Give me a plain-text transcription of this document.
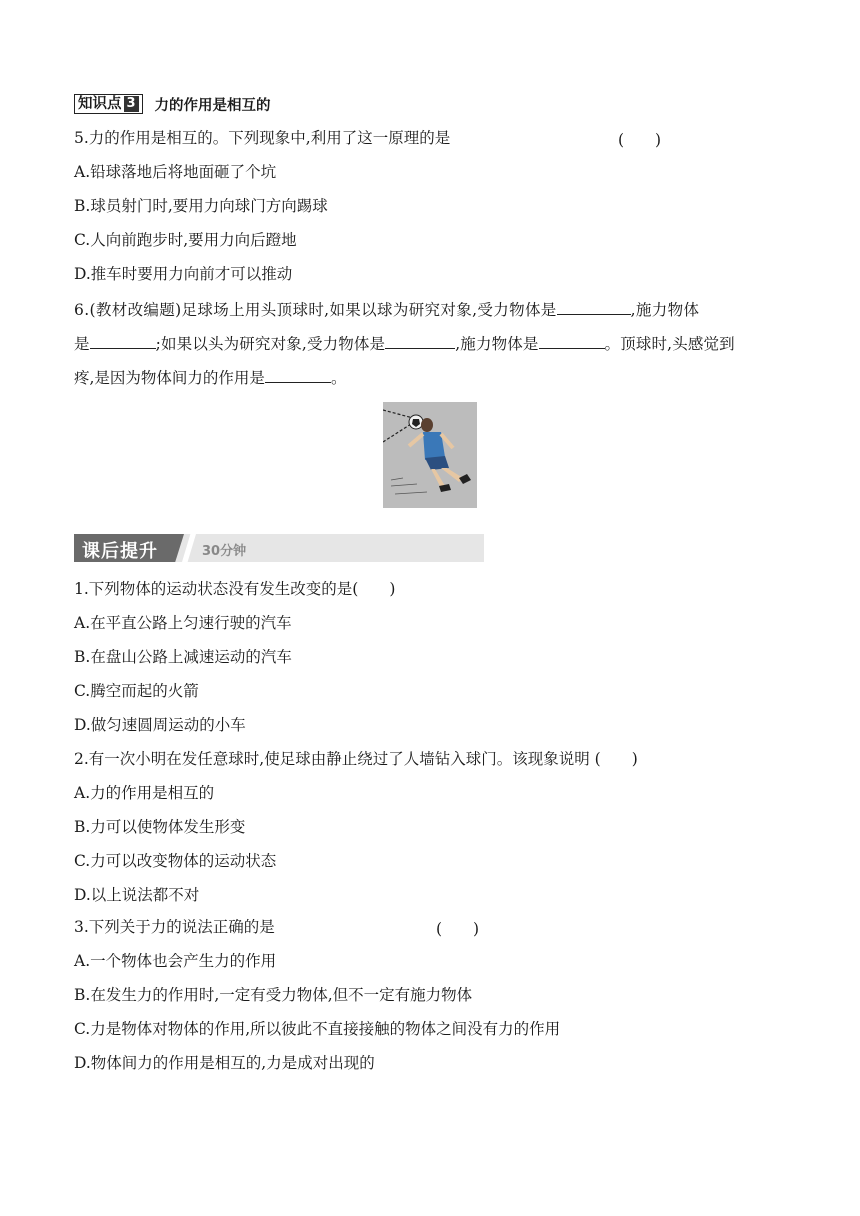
知识点 3 力的作用是相互的
5.力的作用是相互的。下列现象中,利用了这一原理的是	(　　)
A.铅球落地后将地面砸了个坑
B.球员射门时,要用力向球门方向踢球
C.人向前跑步时,要用力向后蹬地
D.推车时要用力向前才可以推动
6.(教材改编题)足球场上用头顶球时,如果以球为研究对象,受力物体是	,施力物体
是	;如果以头为研究对象,受力物体是	,施力物体是	。顶球时,头感觉到
疼,是因为物体间力的作用是	。
课后提升	30分钟
1.下列物体的运动状态没有发生改变的是(　　)
A.在平直公路上匀速行驶的汽车
B.在盘山公路上减速运动的汽车
C.腾空而起的火箭
D.做匀速圆周运动的小车
2.有一次小明在发任意球时,使足球由静止绕过了人墙钻入球门。该现象说明 (　　)
A.力的作用是相互的
B.力可以使物体发生形变
C.力可以改变物体的运动状态
D.以上说法都不对
3.下列关于力的说法正确的是	(　　)
A.一个物体也会产生力的作用
B.在发生力的作用时,一定有受力物体,但不一定有施力物体
C.力是物体对物体的作用,所以彼此不直接接触的物体之间没有力的作用
D.物体间力的作用是相互的,力是成对出现的
